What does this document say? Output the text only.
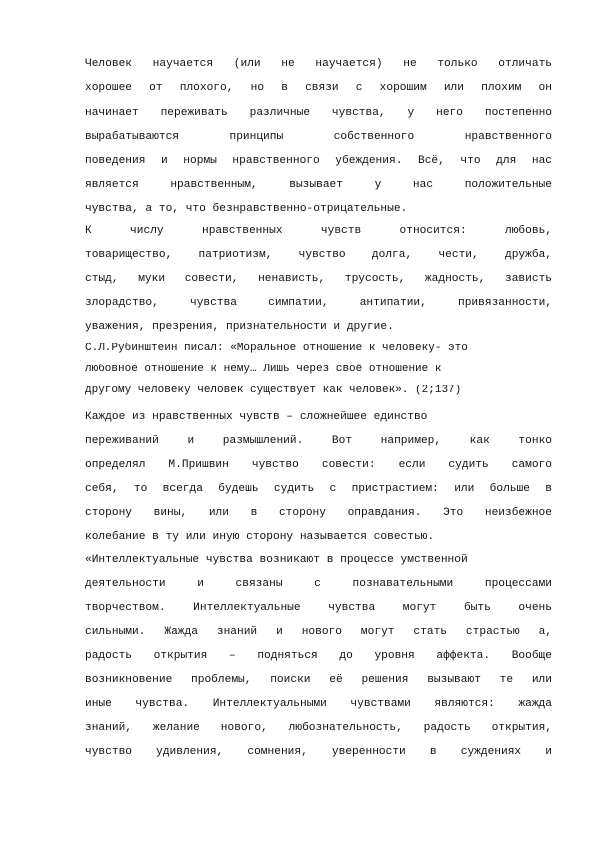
Человек научается (или не научается) не только отличать
хорошее от плохого, но в связи с хорошим или плохим он
начинает переживать различные чувства, у него постепенно
вырабатываются принципы собственного нравственного
поведения и нормы нравственного убеждения. Всё, что для нас
является нравственным, вызывает у нас положительные
чувства, а то, что безнравственно-отрицательные.
К числу нравственных чувств относится: любовь,
товарищество, патриотизм, чувство долга, чести, дружба,
стыд, муки совести, ненависть, трусость, жадность, зависть
злорадство, чувства симпатии, антипатии, привязанности,
уважения, презрения, признательности и другие.
С.Л.Рубинштейн писал: «Моральное отношение к человеку- это
любовное отношение к нему… Лишь через своё отношение к
другому человеку человек существует как человек». (2;137)
Каждое из нравственных чувств – сложнейшее единство
переживаний и размышлений. Вот например, как тонко
определял М.Пришвин чувство совести: если судить самого
себя, то всегда будешь судить с пристрастием: или больше в
сторону вины, или в сторону оправдания. Это неизбежное
колебание в ту или иную сторону называется совестью.
«Интеллектуальные чувства возникают в процессе умственной
деятельности и связаны с познавательными процессами
творчеством. Интеллектуальные чувства могут быть очень
сильными. Жажда знаний и нового могут стать страстью а,
радость открытия – подняться до уровня аффекта. Вообще
возникновение проблемы, поиски её решения вызывают те или
иные чувства. Интеллектуальными чувствами являются: жажда
знаний, желание нового, любознательность, радость открытия,
чувство удивления, сомнения, уверенности в суждениях и
